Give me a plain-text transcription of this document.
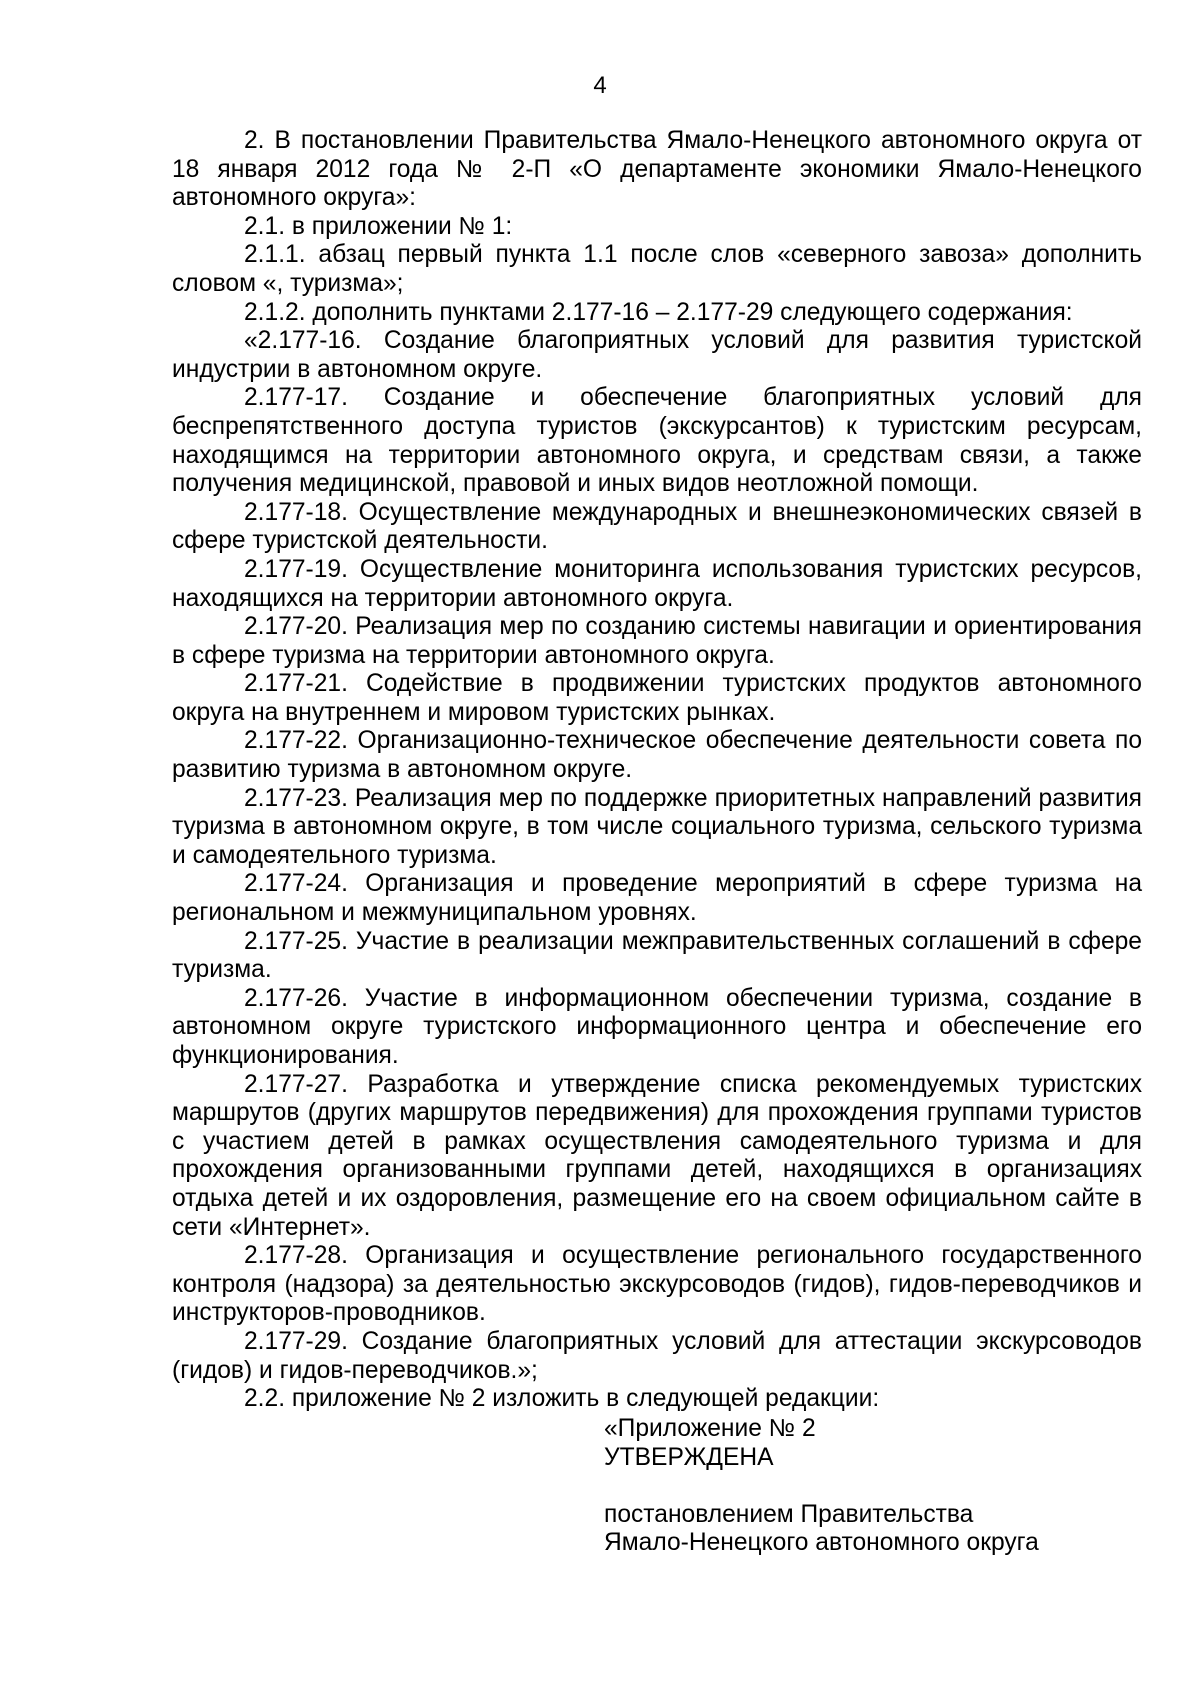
4

2. В постановлении Правительства Ямало-Ненецкого автономного округа от 18 января 2012 года № 2-П «О департаменте экономики Ямало-Ненецкого автономного округа»:

2.1. в приложении № 1:

2.1.1. абзац первый пункта 1.1 после слов «северного завоза» дополнить словом «, туризма»;

2.1.2. дополнить пунктами 2.177-16 – 2.177-29 следующего содержания:

«2.177-16. Создание благоприятных условий для развития туристской индустрии в автономном округе.

2.177-17. Создание и обеспечение благоприятных условий для беспрепятственного доступа туристов (экскурсантов) к туристским ресурсам, находящимся на территории автономного округа, и средствам связи, а также получения медицинской, правовой и иных видов неотложной помощи.

2.177-18. Осуществление международных и внешнеэкономических связей в сфере туристской деятельности.

2.177-19. Осуществление мониторинга использования туристских ресурсов, находящихся на территории автономного округа.

2.177-20. Реализация мер по созданию системы навигации и ориентирования в сфере туризма на территории автономного округа.

2.177-21. Содействие в продвижении туристских продуктов автономного округа на внутреннем и мировом туристских рынках.

2.177-22. Организационно-техническое обеспечение деятельности совета по развитию туризма в автономном округе.

2.177-23. Реализация мер по поддержке приоритетных направлений развития туризма в автономном округе, в том числе социального туризма, сельского туризма и самодеятельного туризма.

2.177-24. Организация и проведение мероприятий в сфере туризма на региональном и межмуниципальном уровнях.

2.177-25. Участие в реализации межправительственных соглашений в сфере туризма.

2.177-26. Участие в информационном обеспечении туризма, создание в автономном округе туристского информационного центра и обеспечение его функционирования.

2.177-27. Разработка и утверждение списка рекомендуемых туристских маршрутов (других маршрутов передвижения) для прохождения группами туристов с участием детей в рамках осуществления самодеятельного туризма и для прохождения организованными группами детей, находящихся в организациях отдыха детей и их оздоровления, размещение его на своем официальном сайте в сети «Интернет».

2.177-28. Организация и осуществление регионального государственного контроля (надзора) за деятельностью экскурсоводов (гидов), гидов-переводчиков и инструкторов-проводников.

2.177-29. Создание благоприятных условий для аттестации экскурсоводов (гидов) и гидов-переводчиков.»;

2.2. приложение № 2 изложить в следующей редакции:

«Приложение № 2
УТВЕРЖДЕНА
постановлением Правительства
Ямало-Ненецкого автономного округа
